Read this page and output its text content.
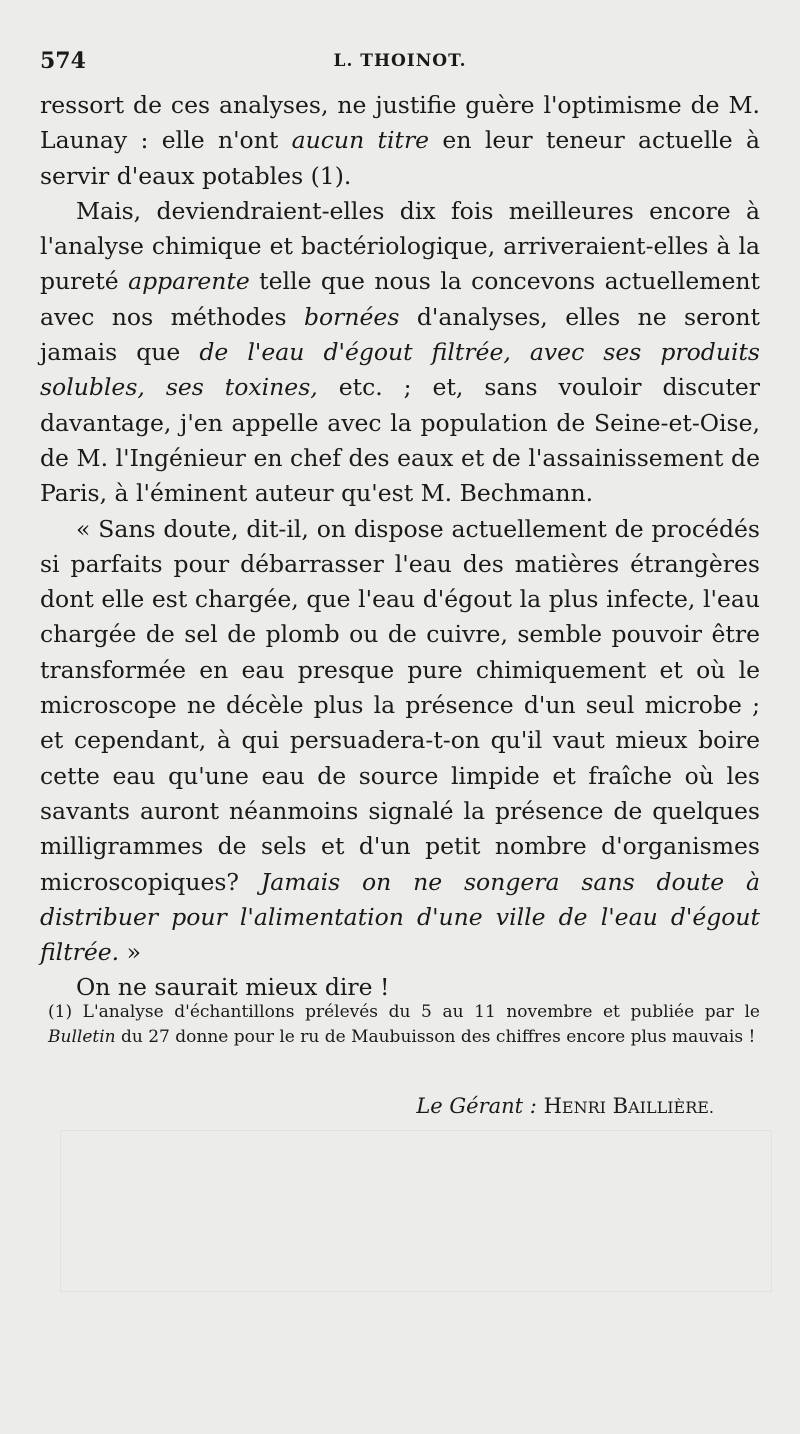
574	L. THOINOT.

ressort de ces analyses, ne justifie guère l'optimisme de M. Launay : elle n'ont aucun titre en leur teneur actuelle à servir d'eaux potables (1).

Mais, deviendraient-elles dix fois meilleures encore à l'analyse chimique et bactériologique, arriveraient-elles à la pureté apparente telle que nous la concevons actuellement avec nos méthodes bornées d'analyses, elles ne seront jamais que de l'eau d'égout filtrée, avec ses produits solubles, ses toxines, etc. ; et, sans vouloir discuter davantage, j'en appelle avec la population de Seine-et-Oise, de M. l'Ingénieur en chef des eaux et de l'assainissement de Paris, à l'éminent auteur qu'est M. Bechmann.

« Sans doute, dit-il, on dispose actuellement de procédés si parfaits pour débarrasser l'eau des matières étrangères dont elle est chargée, que l'eau d'égout la plus infecte, l'eau chargée de sel de plomb ou de cuivre, semble pouvoir être transformée en eau presque pure chimiquement et où le microscope ne décèle plus la présence d'un seul microbe ; et cependant, à qui persuadera-t-on qu'il vaut mieux boire cette eau qu'une eau de source limpide et fraîche où les savants auront néanmoins signalé la présence de quelques milligrammes de sels et d'un petit nombre d'organismes microscopiques? Jamais on ne songera sans doute à distribuer pour l'alimentation d'une ville de l'eau d'égout filtrée. »

On ne saurait mieux dire !

(1) L'analyse d'échantillons prélevés du 5 au 11 novembre et publiée par le Bulletin du 27 donne pour le ru de Maubuisson des chiffres encore plus mauvais !

Le Gérant : HENRI BAILLIÈRE.
